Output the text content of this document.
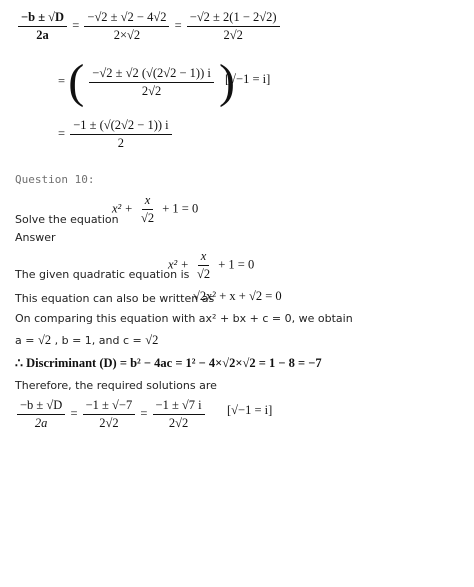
$\frac{-b \pm √D}{2a} = \frac{-√2 \pm √2 - 4√2}{2\times√2} = \frac{-√2 \pm 2(1 - 2√2)}{2√2}$
= ( $\frac{-√2 \pm √2 (√(2√2 - 1)) i}{2√2}$ )
[√−1 = i]
= $\frac{-1 \pm (√(2√2 - 1)) i}{2}$
Question 10:
$x^2 + \frac{x}{√2} + 1 = 0$
Solve the equation
Answer
$x^2 + \frac{x}{√2} + 1 = 0$
The given quadratic equation is
This equation can also be written as
√2x² + x + √2 = 0
On comparing this equation with ax² + bx + c = 0, we obtain
a = √2 , b = 1, and c = √2
∴ Discriminant (D) = b² − 4ac = 1² − 4×√2×√2 = 1 − 8 = −7
Therefore, the required solutions are
$\frac{-b \pm √D}{2a} = \frac{-1 \pm √-7}{2√2} = \frac{-1 \pm √7 i}{2√2} [√-1 = i]$
